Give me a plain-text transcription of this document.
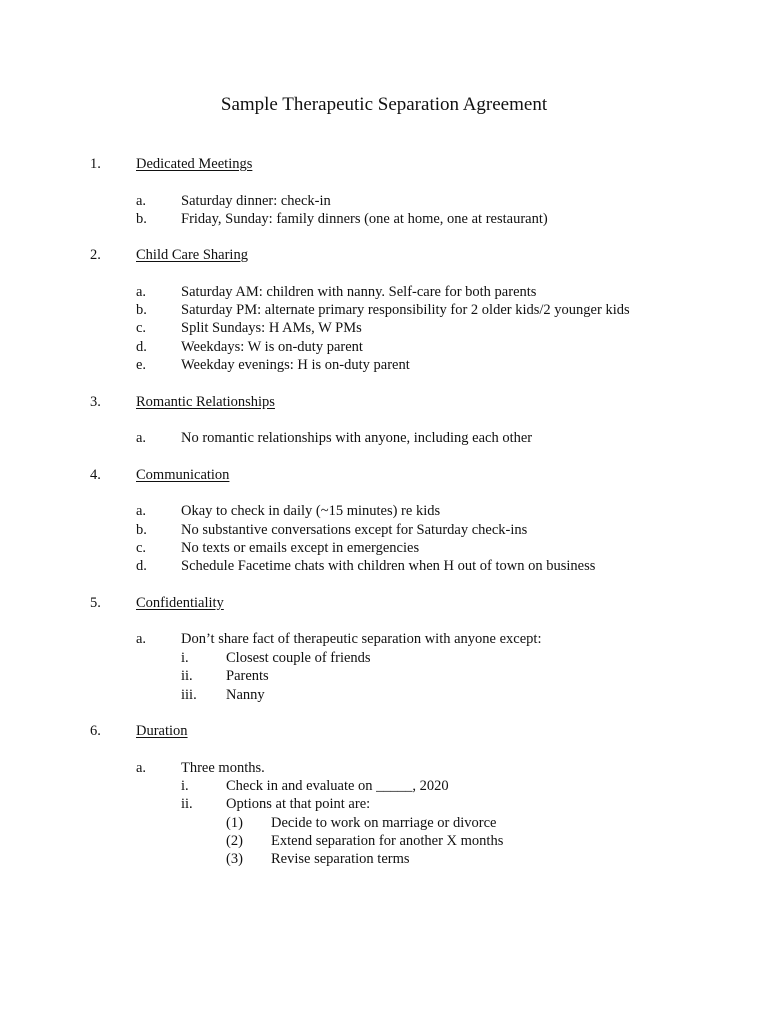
Sample Therapeutic Separation Agreement
1. Dedicated Meetings
a. Saturday dinner: check-in
b. Friday, Sunday: family dinners (one at home, one at restaurant)
2. Child Care Sharing
a. Saturday AM: children with nanny. Self-care for both parents
b. Saturday PM: alternate primary responsibility for 2 older kids/2 younger kids
c. Split Sundays: H AMs, W PMs
d. Weekdays: W is on-duty parent
e. Weekday evenings: H is on-duty parent
3. Romantic Relationships
a. No romantic relationships with anyone, including each other
4. Communication
a. Okay to check in daily (~15 minutes) re kids
b. No substantive conversations except for Saturday check-ins
c. No texts or emails except in emergencies
d. Schedule Facetime chats with children when H out of town on business
5. Confidentiality
a. Don’t share fact of therapeutic separation with anyone except:
i.	Closest couple of friends
ii. Parents
iii. Nanny
6. Duration
a. Three months.
i.	Check in and evaluate on _____, 2020
ii. Options at that point are:
(1) Decide to work on marriage or divorce
(2) Extend separation for another X months
(3) Revise separation terms
